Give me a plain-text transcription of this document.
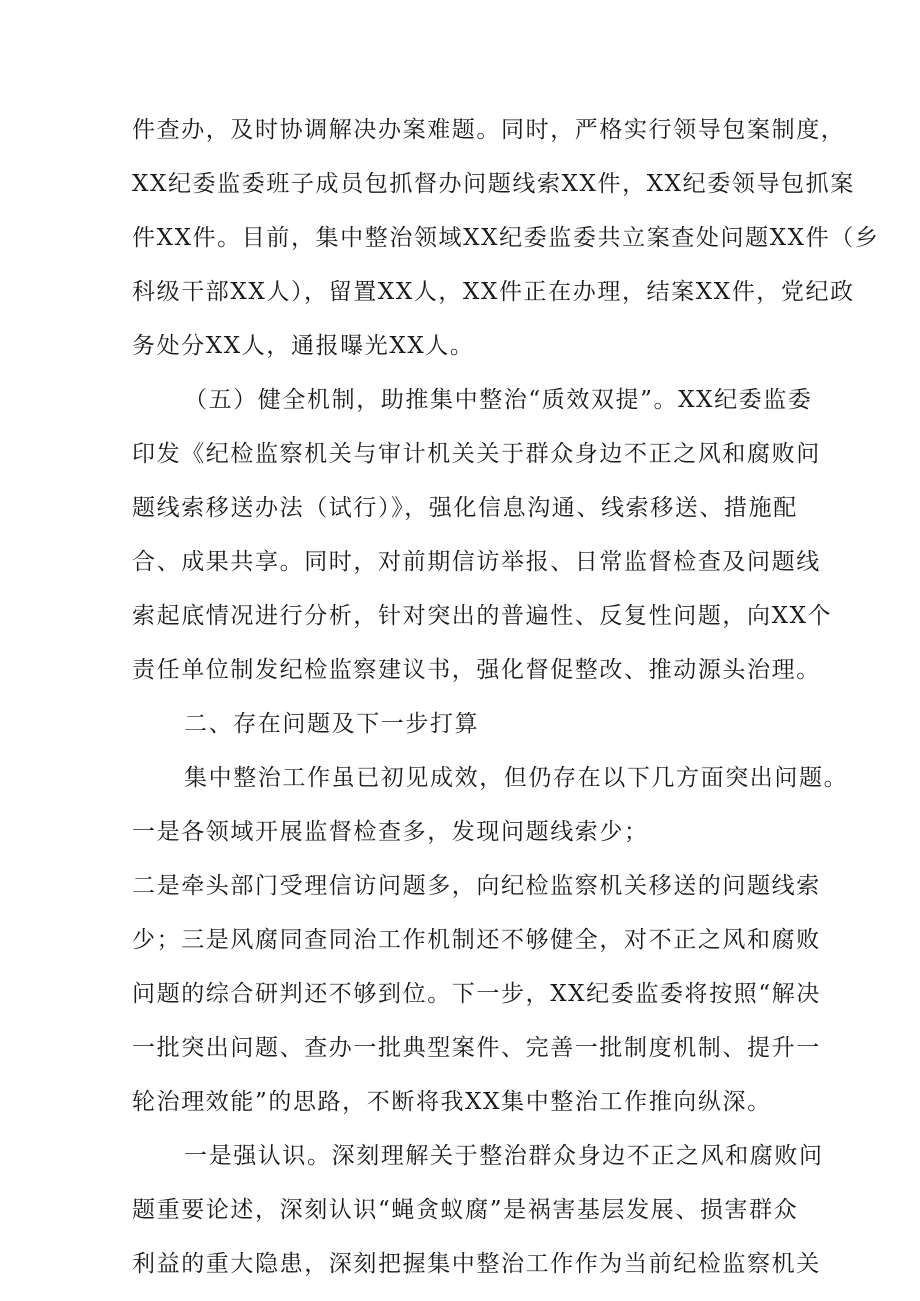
件查办，及时协调解决办案难题。同时，严格实行领导包案制度，
XX纪委监委班子成员包抓督办问题线索XX件，XX纪委领导包抓案
件XX件。目前，集中整治领域XX纪委监委共立案查处问题XX件（乡
科级干部XX人），留置XX人，XX件正在办理，结案XX件，党纪政
务处分XX人，通报曝光XX人。
（五）健全机制，助推集中整治“质效双提”。XX纪委监委
印发《纪检监察机关与审计机关关于群众身边不正之风和腐败问
题线索移送办法（试行）》，强化信息沟通、线索移送、措施配
合、成果共享。同时，对前期信访举报、日常监督检查及问题线
索起底情况进行分析，针对突出的普遍性、反复性问题，向XX个
责任单位制发纪检监察建议书，强化督促整改、推动源头治理。
二、存在问题及下一步打算
集中整治工作虽已初见成效，但仍存在以下几方面突出问题。
一是各领域开展监督检查多，发现问题线索少；
二是牵头部门受理信访问题多，向纪检监察机关移送的问题线索
少；三是风腐同查同治工作机制还不够健全，对不正之风和腐败
问题的综合研判还不够到位。下一步，XX纪委监委将按照“解决
一批突出问题、查办一批典型案件、完善一批制度机制、提升一
轮治理效能”的思路，不断将我XX集中整治工作推向纵深。
一是强认识。深刻理解关于整治群众身边不正之风和腐败问
题重要论述，深刻认识“蝇贪蚁腐”是祸害基层发展、损害群众
利益的重大隐患，深刻把握集中整治工作作为当前纪检监察机关
